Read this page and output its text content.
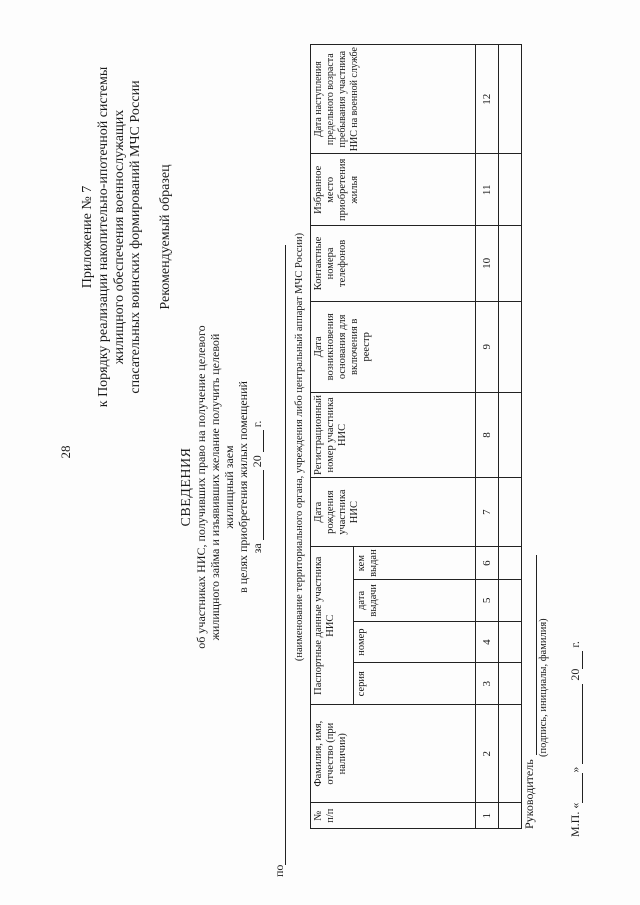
28
Приложение № 7 к Порядку реализации накопительно-ипотечной системы жилищного обеспечения военнослужащих спасательных воинских формирований МЧС России Рекомендуемый образец
СВЕДЕНИЯ об участниках НИС, получивших право на получение целевого жилищного займа и изъявивших желание получить целевой жилищный заем в целях приобретения жилых помещений за  20  г.
по
(наименование территориального органа, учреждения либо центральный аппарат МЧС России)
№ п/п	Фамилия, имя, отчество (при наличии)	Паспортные данные участника НИС				Дата рождения участника НИС	Регистрационный номер участника НИС	Дата возникновения основания для включения в реестр	Контактные номера телефонов	Избранное место приобретения жилья	Дата наступления предельного возраста пребывания участника НИС на военной службе
		серия	номер	дата выдачи	кем выдан						
1	2	3	4	5	6	7	8	9	10	11	12

Руководитель
(подпись, инициалы, фамилия)
М.П. «»  20 г.
